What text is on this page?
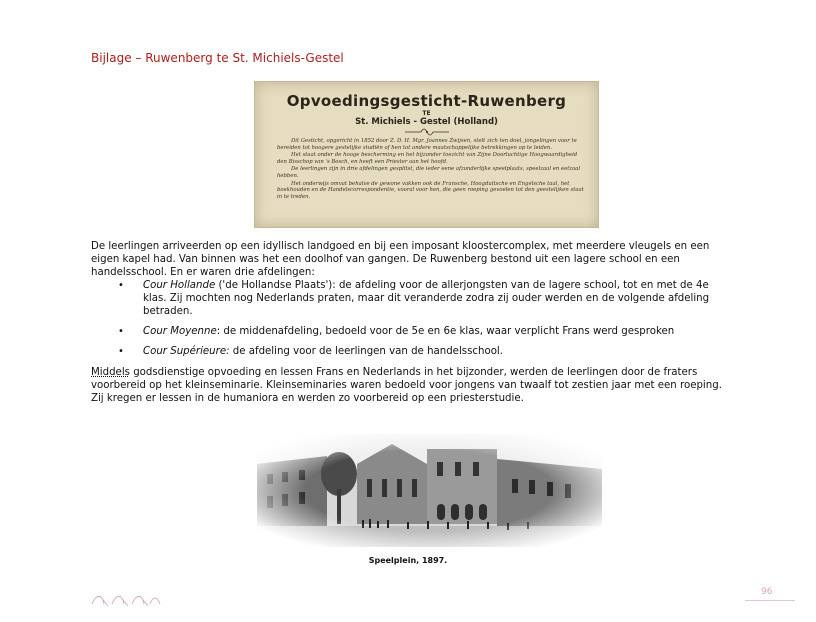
Bijlage – Ruwenberg te St. Michiels-Gestel
Opvoedingsgesticht-Ruwenberg
TE
St. Michiels - Gestel (Holland)

Dit Gesticht, opgericht in 1852 door Z. D. H. Mgr. Joannes Zwijsen, stelt zich ten doel, jongelingen voor te bereiden tot hoogere gestelijke studiën of hen tot andere maatschappelijke betrekkingen op te leiden.

Het staat onder de hooge bescherming en het bijzonder toezicht van Zijne Doorluchtige Hoogwaardigheid den Bisschop van 's Bosch, en heeft een Priester aan het hoofd.

De leerlingen zijn in drie afdelingen gesplitst, die ieder eene afzonderlijke speelplaats, speelzaal en eetzaal hebben.

Het onderwijs omvat behalve de gewone vakken ook de Fransche, Hoogduitsche en Engelsche taal, het boekhouden en de Handelscorrespondentie, vooral voor hen, die geen roeping gevoelen tot den geestelijken staat in te treden.

De leerlingen arriveerden op een idyllisch landgoed en bij een imposant kloostercomplex, met meerdere vleugels en een eigen kapel had. Van binnen was het een doolhof van gangen. De Ruwenberg bestond uit een lagere school en een handelsschool. En er waren drie afdelingen:
• Cour Hollande ('de Hollandse Plaats'): de afdeling voor de allerjongsten van de lagere school, tot en met de 4e klas. Zij mochten nog Nederlands praten, maar dit veranderde zodra zij ouder werden en de volgende afdeling betraden.
• Cour Moyenne: de middenafdeling, bedoeld voor de 5e en 6e klas, waar verplicht Frans werd gesproken
• Cour Supérieure: de afdeling voor de leerlingen van de handelsschool.
Middels godsdienstige opvoeding en lessen Frans en Nederlands in het bijzonder, werden de leerlingen door de fraters voorbereid op het kleinseminarie. Kleinseminaries waren bedoeld voor jongens van twaalf tot zestien jaar met een roeping. Zij kregen er lessen in de humaniora en werden zo voorbereid op een priesterstudie.
Speelplein, 1897.
96
